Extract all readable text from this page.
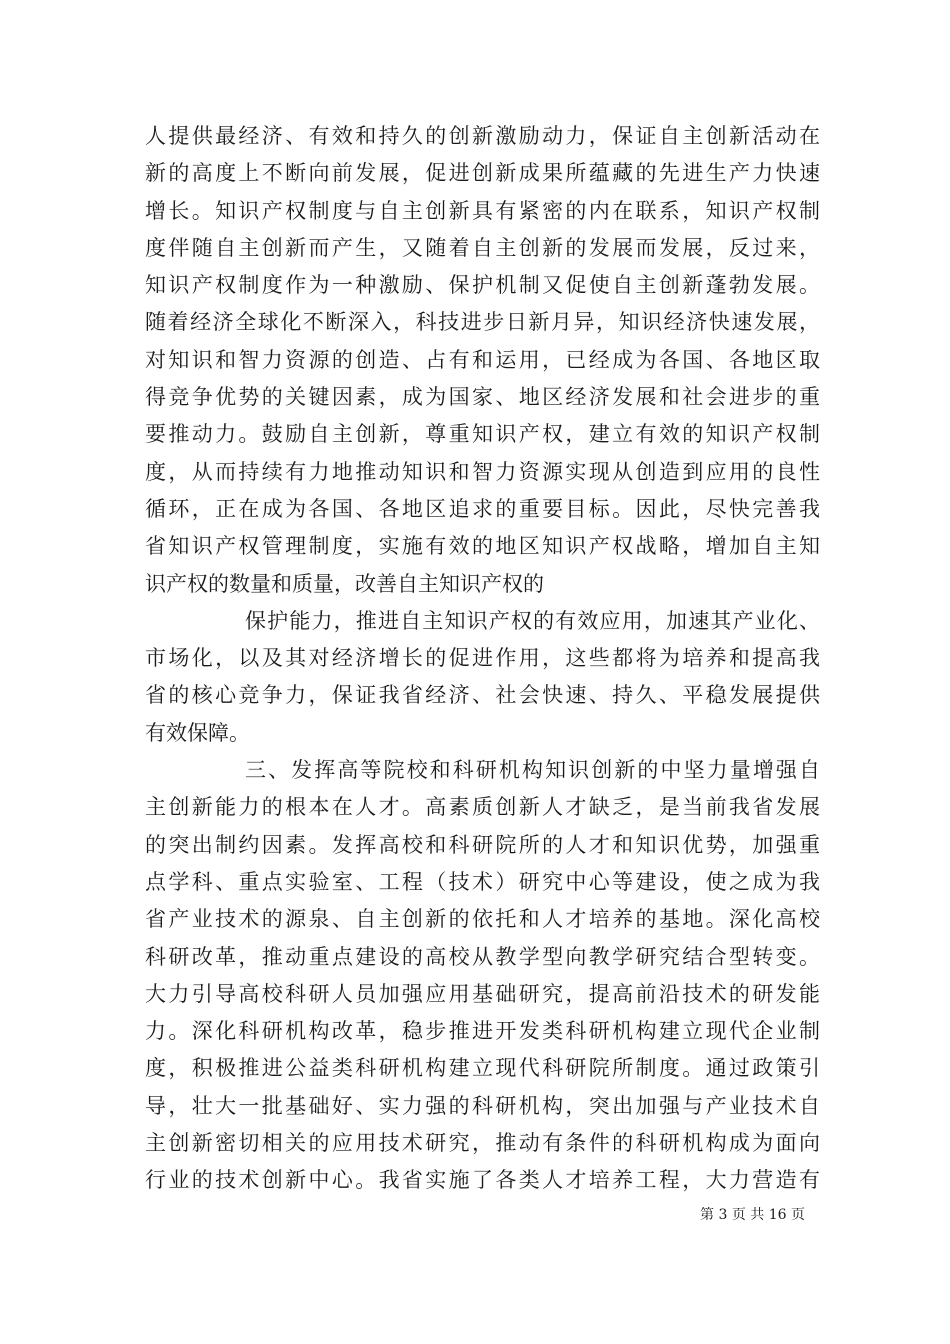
人提供最经济、有效和持久的创新激励动力，保证自主创新活动在
新的高度上不断向前发展，促进创新成果所蕴藏的先进生产力快速
增长。知识产权制度与自主创新具有紧密的内在联系，知识产权制
度伴随自主创新而产生，又随着自主创新的发展而发展，反过来，
知识产权制度作为一种激励、保护机制又促使自主创新蓬勃发展。
随着经济全球化不断深入，科技进步日新月异，知识经济快速发展，
对知识和智力资源的创造、占有和运用，已经成为各国、各地区取
得竞争优势的关键因素，成为国家、地区经济发展和社会进步的重
要推动力。鼓励自主创新，尊重知识产权，建立有效的知识产权制
度，从而持续有力地推动知识和智力资源实现从创造到应用的良性
循环，正在成为各国、各地区追求的重要目标。因此，尽快完善我
省知识产权管理制度，实施有效的地区知识产权战略，增加自主知
识产权的数量和质量，改善自主知识产权的
保护能力，推进自主知识产权的有效应用，加速其产业化、
市场化，以及其对经济增长的促进作用，这些都将为培养和提高我
省的核心竞争力，保证我省经济、社会快速、持久、平稳发展提供
有效保障。
三、发挥高等院校和科研机构知识创新的中坚力量增强自
主创新能力的根本在人才。高素质创新人才缺乏，是当前我省发展
的突出制约因素。发挥高校和科研院所的人才和知识优势，加强重
点学科、重点实验室、工程（技术）研究中心等建设，使之成为我
省产业技术的源泉、自主创新的依托和人才培养的基地。深化高校
科研改革，推动重点建设的高校从教学型向教学研究结合型转变。
大力引导高校科研人员加强应用基础研究，提高前沿技术的研发能
力。深化科研机构改革，稳步推进开发类科研机构建立现代企业制
度，积极推进公益类科研机构建立现代科研院所制度。通过政策引
导，壮大一批基础好、实力强的科研机构，突出加强与产业技术自
主创新密切相关的应用技术研究，推动有条件的科研机构成为面向
行业的技术创新中心。我省实施了各类人才培养工程，大力营造有
第 3 页 共 16 页
